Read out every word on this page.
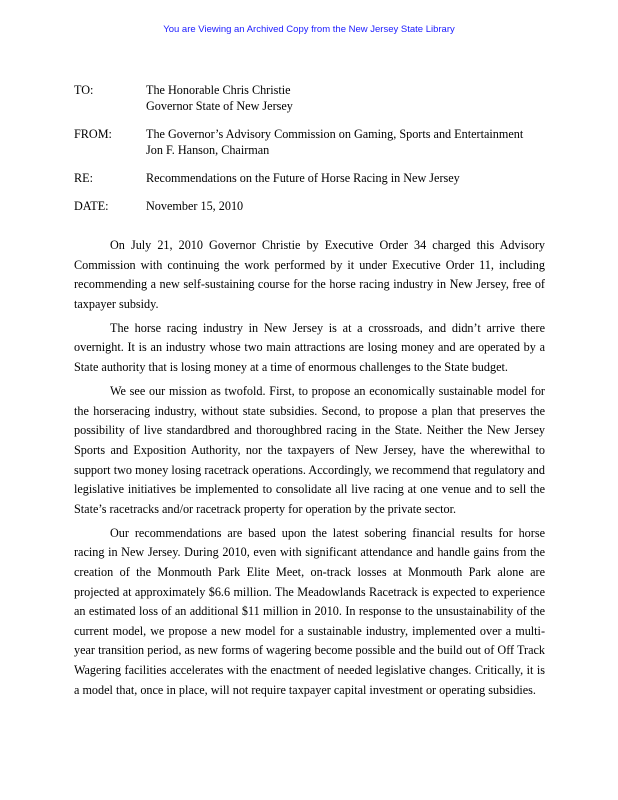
You are Viewing an Archived Copy from the New Jersey State Library
TO:	The Honorable Chris Christie
Governor State of New Jersey
FROM:	The Governor’s Advisory Commission on Gaming, Sports and Entertainment
Jon F. Hanson, Chairman
RE:	Recommendations on the Future of Horse Racing in New Jersey
DATE:	November 15, 2010

On July 21, 2010 Governor Christie by Executive Order 34 charged this Advisory Commission with continuing the work performed by it under Executive Order 11, including recommending a new self-sustaining course for the horse racing industry in New Jersey, free of taxpayer subsidy.

The horse racing industry in New Jersey is at a crossroads, and didn’t arrive there overnight. It is an industry whose two main attractions are losing money and are operated by a State authority that is losing money at a time of enormous challenges to the State budget.

We see our mission as twofold. First, to propose an economically sustainable model for the horseracing industry, without state subsidies. Second, to propose a plan that preserves the possibility of live standardbred and thoroughbred racing in the State. Neither the New Jersey Sports and Exposition Authority, nor the taxpayers of New Jersey, have the wherewithal to support two money losing racetrack operations. Accordingly, we recommend that regulatory and legislative initiatives be implemented to consolidate all live racing at one venue and to sell the State’s racetracks and/or racetrack property for operation by the private sector.

Our recommendations are based upon the latest sobering financial results for horse racing in New Jersey. During 2010, even with significant attendance and handle gains from the creation of the Monmouth Park Elite Meet, on-track losses at Monmouth Park alone are projected at approximately $6.6 million. The Meadowlands Racetrack is expected to experience an estimated loss of an additional $11 million in 2010. In response to the unsustainability of the current model, we propose a new model for a sustainable industry, implemented over a multi-year transition period, as new forms of wagering become possible and the build out of Off Track Wagering facilities accelerates with the enactment of needed legislative changes. Critically, it is a model that, once in place, will not require taxpayer capital investment or operating subsidies.
